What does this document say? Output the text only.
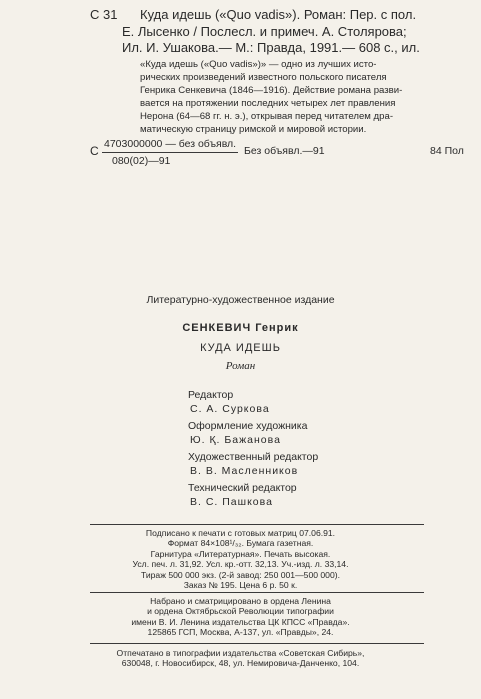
С 31 Куда идешь («Quo vadis»). Роман: Пер. с пол.
Е. Лысенко / Послесл. и примеч. А. Столярова;
Ил. И. Ушакова.— М.: Правда, 1991.— 608 с., ил.
«Куда идешь («Quo vadis»)» — одно из лучших исто-
рических произведений известного польского писателя
Генрика Сенкевича (1846—1916). Действие романа разви-
вается на протяжении последних четырех лет правления
Нерона (64—68 гг. н. э.), открывая перед читателем дра-
матическую страницу римской и мировой истории.
С 4703000000 — без объявл.
080(02)—91
Без объявл.—91	84 Пол
Литературно-художественное издание
СЕНКЕВИЧ Генрик
КУДА ИДЕШЬ
Роман
Редактор
С. А. Суркова
Оформление художника
Ю. Қ. Бажанова
Художественный редактор
В. В. Масленников
Технический редактор
В. С. Пашкова
Подписано к печати с готовых матриц 07.06.91.
Формат 84×108¹/₃₂. Бумага газетная.
Гарнитура «Литературная». Печать высокая.
Усл. печ. л. 31,92. Усл. кр.-отт. 32,13. Уч.-изд. л. 33,14.
Тираж 500 000 экз. (2-й завод: 250 001—500 000).
Заказ № 195. Цена 6 р. 50 к.
Набрано и сматрицировано в ордена Ленина
и ордена Октябрьской Революции типографии
имени В. И. Ленина издательства ЦК КПСС «Правда».
125865 ГСП, Москва, А-137, ул. «Правды», 24.
Отпечатано в типографии издательства «Советская Сибирь»,
630048, г. Новосибирск, 48, ул. Немировича-Данченко, 104.
